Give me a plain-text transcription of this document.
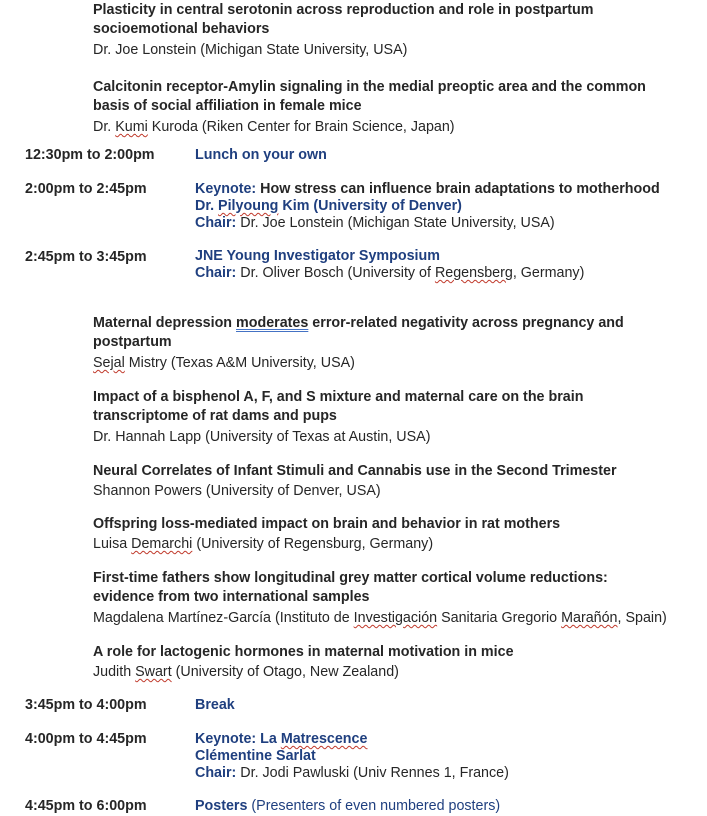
Plasticity in central serotonin across reproduction and role in postpartum
socioemotional behaviors
Dr. Joe Lonstein (Michigan State University, USA)
Calcitonin receptor-Amylin signaling in the medial preoptic area and the common
basis of social affiliation in female mice
Dr. Kumi Kuroda (Riken Center for Brain Science, Japan)
12:30pm to 2:00pm	Lunch on your own
2:00pm to 2:45pm	Keynote: How stress can influence brain adaptations to motherhood
Dr. Pilyoung Kim (University of Denver)
Chair: Dr. Joe Lonstein (Michigan State University, USA)
2:45pm to 3:45pm	JNE Young Investigator Symposium
Chair: Dr. Oliver Bosch (University of Regensberg, Germany)
Maternal depression moderates error-related negativity across pregnancy and
postpartum
Sejal Mistry (Texas A&M University, USA)
Impact of a bisphenol A, F, and S mixture and maternal care on the brain
transcriptome of rat dams and pups
Dr. Hannah Lapp (University of Texas at Austin, USA)
Neural Correlates of Infant Stimuli and Cannabis use in the Second Trimester
Shannon Powers (University of Denver, USA)
Offspring loss-mediated impact on brain and behavior in rat mothers
Luisa Demarchi (University of Regensburg, Germany)
First-time fathers show longitudinal grey matter cortical volume reductions:
evidence from two international samples
Magdalena Martínez-García (Instituto de Investigación Sanitaria Gregorio Marañón, Spain)
A role for lactogenic hormones in maternal motivation in mice
Judith Swart (University of Otago, New Zealand)
3:45pm to 4:00pm	Break
4:00pm to 4:45pm	Keynote: La Matrescence
Clémentine Sarlat
Chair: Dr. Jodi Pawluski (Univ Rennes 1, France)
4:45pm to 6:00pm	Posters (Presenters of even numbered posters)
